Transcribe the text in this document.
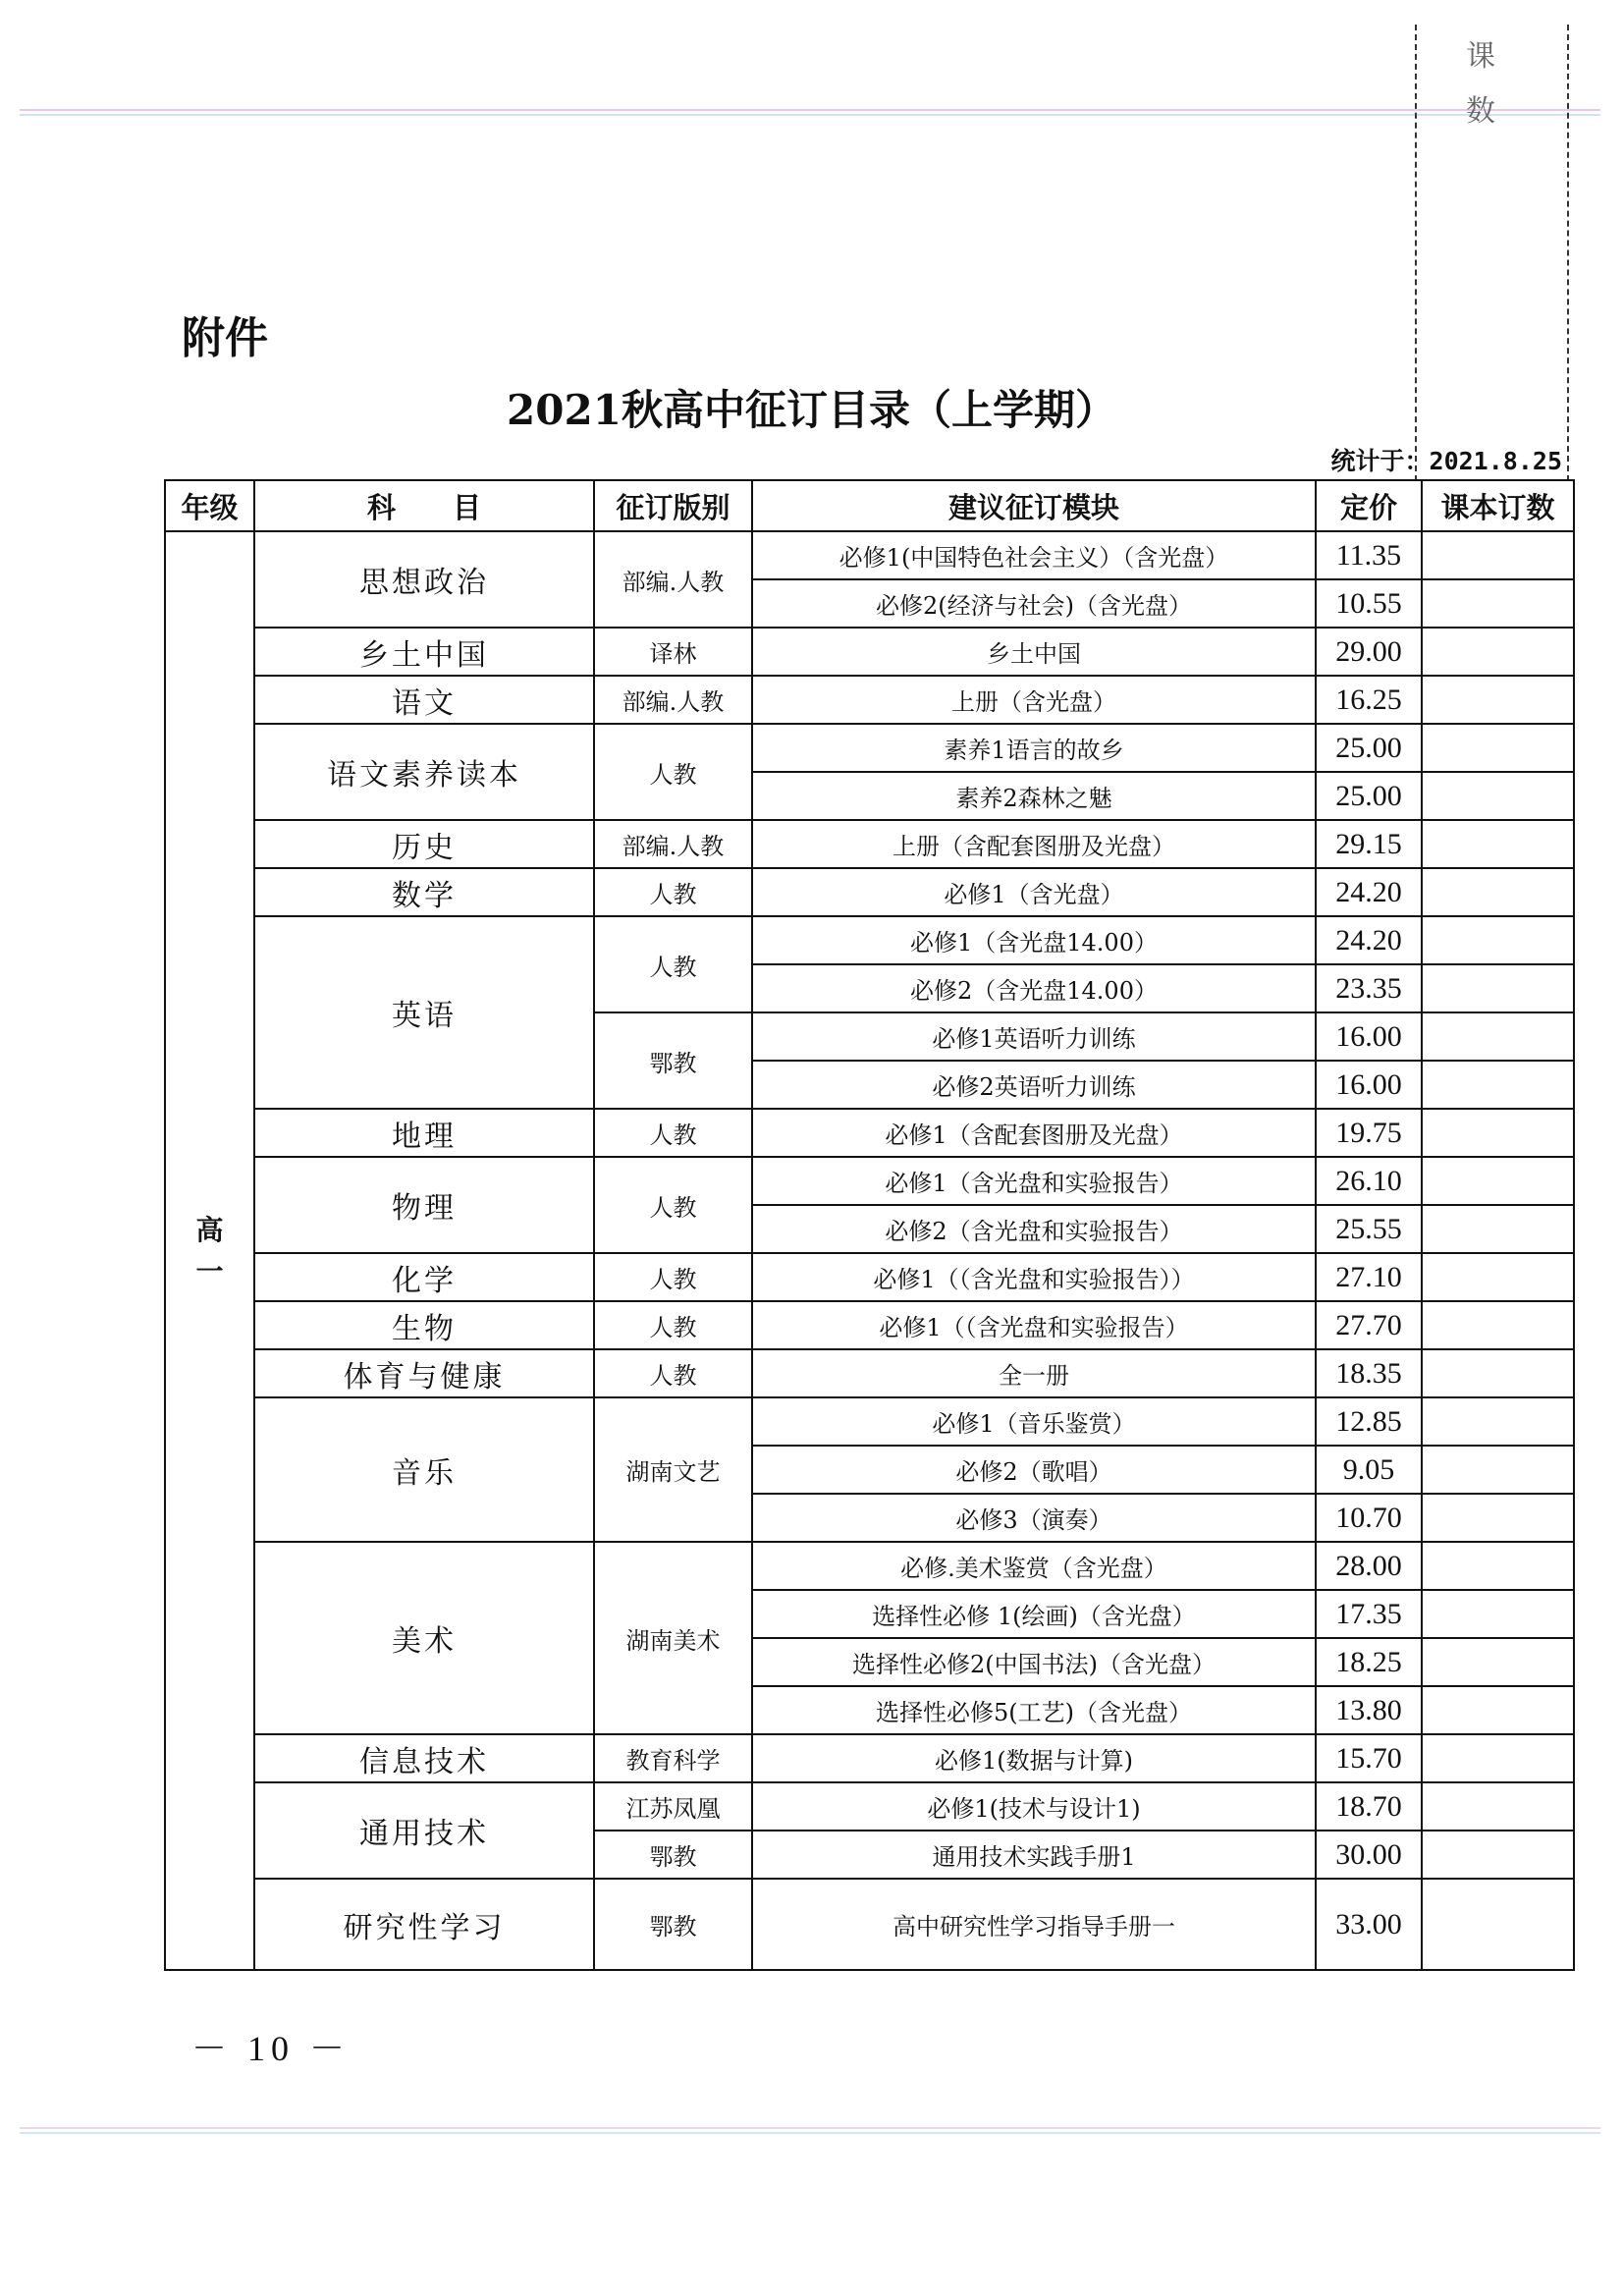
课 数
附件
2021秋高中征订目录（上学期）
统计于：2021.8.25
年级	科　　目	征订版别	建议征订模块	定价	课本订数

高
一	思想政治	部编.人教	必修1(中国特色社会主义）（含光盘）	11.35	
			必修2(经济与社会)（含光盘）	10.55	
	乡土中国	译林	乡土中国	29.00	
	语文	部编.人教	上册（含光盘）	16.25	
	语文素养读本	人教	素养1语言的故乡	25.00	
			素养2森林之魅	25.00	
	历史	部编.人教	上册（含配套图册及光盘）	29.15	
	数学	人教	必修1（含光盘）	24.20	
	英语	人教	必修1（含光盘14.00）	24.20	
			必修2（含光盘14.00）	23.35	
		鄂教	必修1英语听力训练	16.00	
			必修2英语听力训练	16.00	
	地理	人教	必修1（含配套图册及光盘）	19.75	
	物理	人教	必修1（含光盘和实验报告）	26.10	
			必修2（含光盘和实验报告）	25.55	
	化学	人教	必修1（（含光盘和实验报告））	27.10	
	生物	人教	必修1（（含光盘和实验报告）	27.70	
	体育与健康	人教	全一册	18.35	
	音乐	湖南文艺	必修1（音乐鉴赏）	12.85	
			必修2（歌唱）	9.05	
			必修3（演奏）	10.70	
	美术	湖南美术	必修.美术鉴赏（含光盘）	28.00	
			选择性必修 1(绘画)（含光盘）	17.35	
			选择性必修2(中国书法)（含光盘）	18.25	
			选择性必修5(工艺)（含光盘）	13.80	
	信息技术	教育科学	必修1(数据与计算)	15.70	
	通用技术	江苏凤凰	必修1(技术与设计1)	18.70	
		鄂教	通用技术实践手册1	30.00	
	研究性学习	鄂教	高中研究性学习指导手册一	33.00	
－ 10 －
